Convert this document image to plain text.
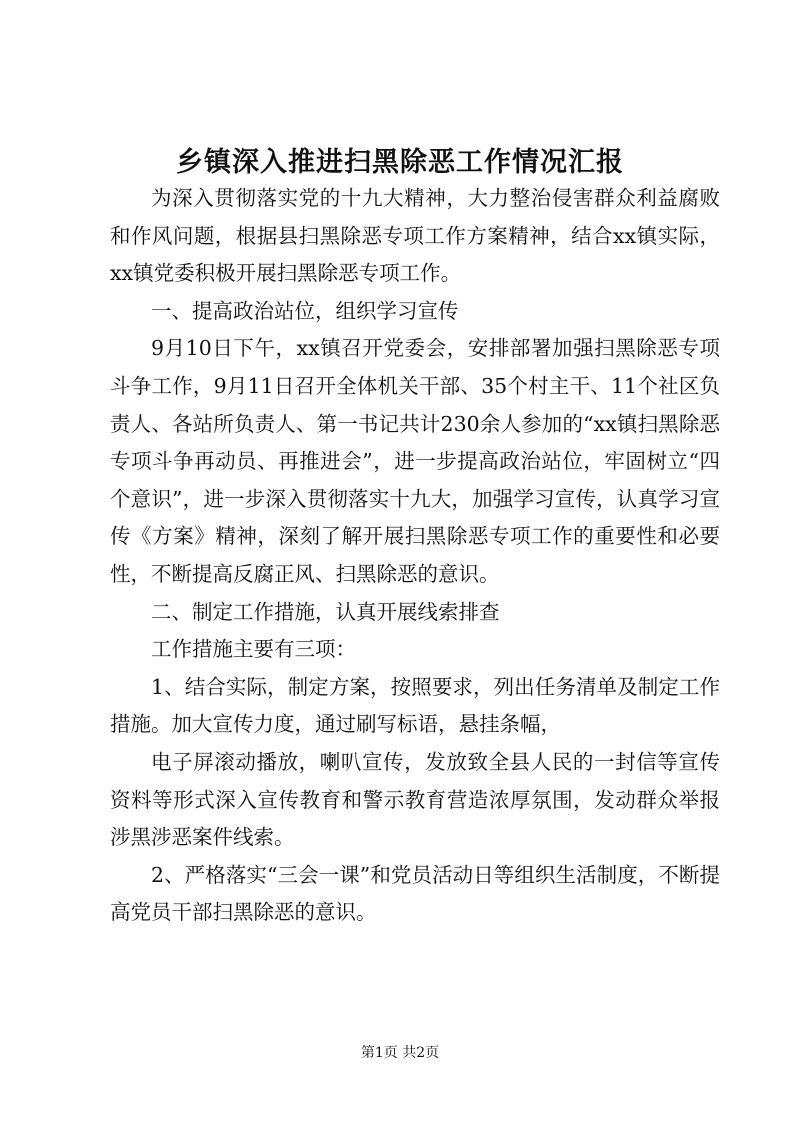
乡镇深入推进扫黑除恶工作情况汇报

为深入贯彻落实党的十九大精神，大力整治侵害群众利益腐败和作风问题，根据县扫黑除恶专项工作方案精神，结合xx镇实际，xx镇党委积极开展扫黑除恶专项工作。

一、提高政治站位，组织学习宣传

9月10日下午，xx镇召开党委会，安排部署加强扫黑除恶专项斗争工作，9月11日召开全体机关干部、35个村主干、11个社区负责人、各站所负责人、第一书记共计230余人参加的“xx镇扫黑除恶专项斗争再动员、再推进会”，进一步提高政治站位，牢固树立“四个意识”，进一步深入贯彻落实十九大，加强学习宣传，认真学习宣传《方案》精神，深刻了解开展扫黑除恶专项工作的重要性和必要性，不断提高反腐正风、扫黑除恶的意识。

二、制定工作措施，认真开展线索排查

工作措施主要有三项：

1、结合实际，制定方案，按照要求，列出任务清单及制定工作措施。加大宣传力度，通过刷写标语，悬挂条幅，

电子屏滚动播放，喇叭宣传，发放致全县人民的一封信等宣传资料等形式深入宣传教育和警示教育营造浓厚氛围，发动群众举报涉黑涉恶案件线索。

2、严格落实“三会一课”和党员活动日等组织生活制度，不断提高党员干部扫黑除恶的意识。

第1页 共2页
